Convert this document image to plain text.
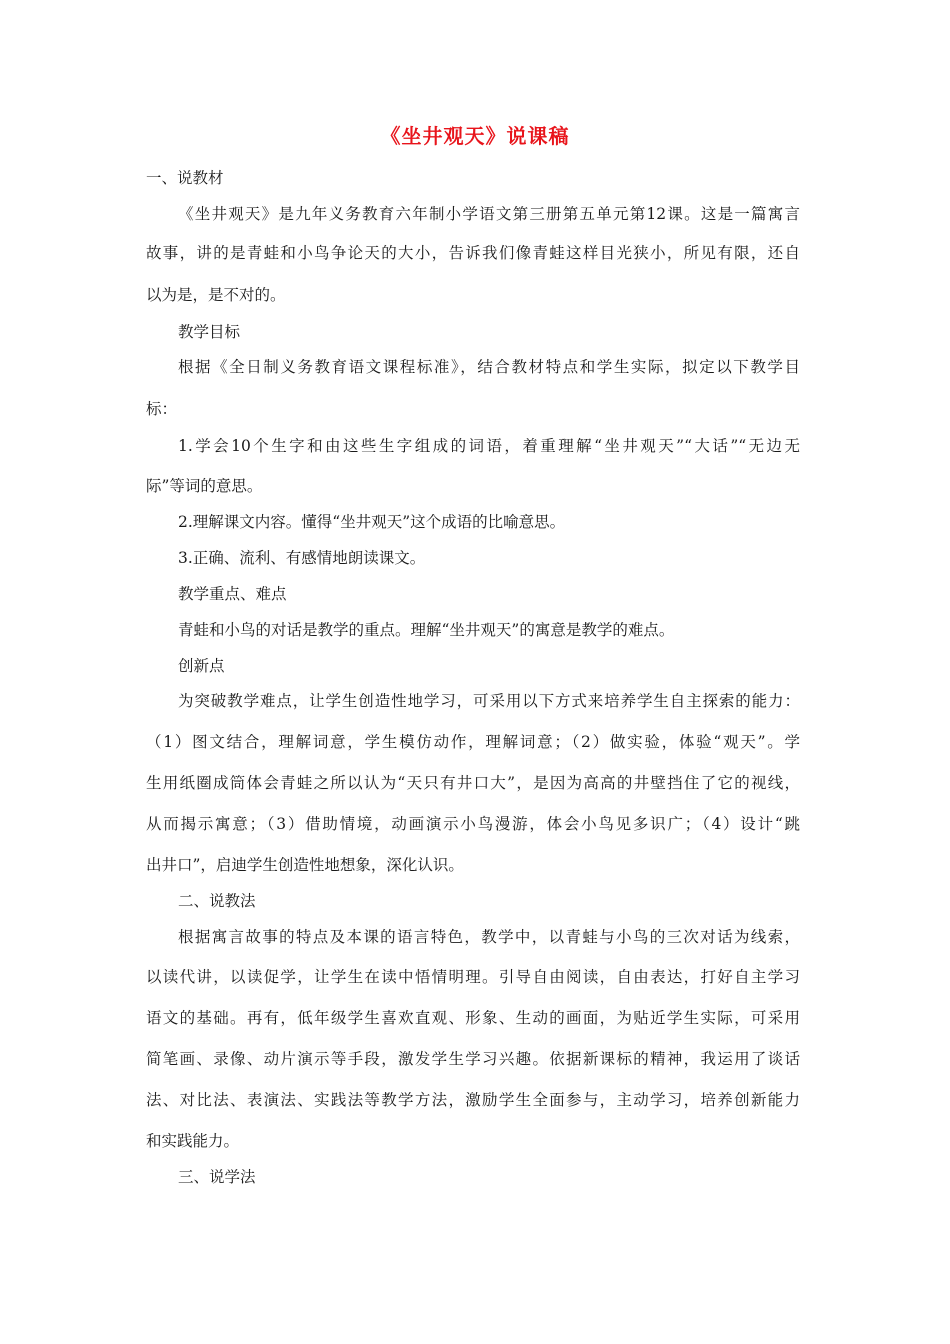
《坐井观天》说课稿
一、说教材
《坐井观天》是九年义务教育六年制小学语文第三册第五单元第12课。这是一篇寓言
故事，讲的是青蛙和小鸟争论天的大小，告诉我们像青蛙这样目光狭小，所见有限，还自
以为是，是不对的。
教学目标
根据《全日制义务教育语文课程标准》，结合教材特点和学生实际，拟定以下教学目
标：
1.学会10个生字和由这些生字组成的词语，着重理解“坐井观天”“大话”“无边无
际”等词的意思。
2.理解课文内容。懂得“坐井观天”这个成语的比喻意思。
3.正确、流利、有感情地朗读课文。
教学重点、难点
青蛙和小鸟的对话是教学的重点。理解“坐井观天”的寓意是教学的难点。
创新点
为突破教学难点，让学生创造性地学习，可采用以下方式来培养学生自主探索的能力：
（1）图文结合，理解词意，学生模仿动作，理解词意；（2）做实验，体验“观天”。学
生用纸圈成筒体会青蛙之所以认为“天只有井口大”，是因为高高的井壁挡住了它的视线，
从而揭示寓意；（3）借助情境，动画演示小鸟漫游，体会小鸟见多识广；（4）设计“跳
出井口”，启迪学生创造性地想象，深化认识。
二、说教法
根据寓言故事的特点及本课的语言特色，教学中，以青蛙与小鸟的三次对话为线索，
以读代讲，以读促学，让学生在读中悟情明理。引导自由阅读，自由表达，打好自主学习
语文的基础。再有，低年级学生喜欢直观、形象、生动的画面，为贴近学生实际，可采用
简笔画、录像、动片演示等手段，激发学生学习兴趣。依据新课标的精神，我运用了谈话
法、对比法、表演法、实践法等教学方法，激励学生全面参与，主动学习，培养创新能力
和实践能力。
三、说学法
